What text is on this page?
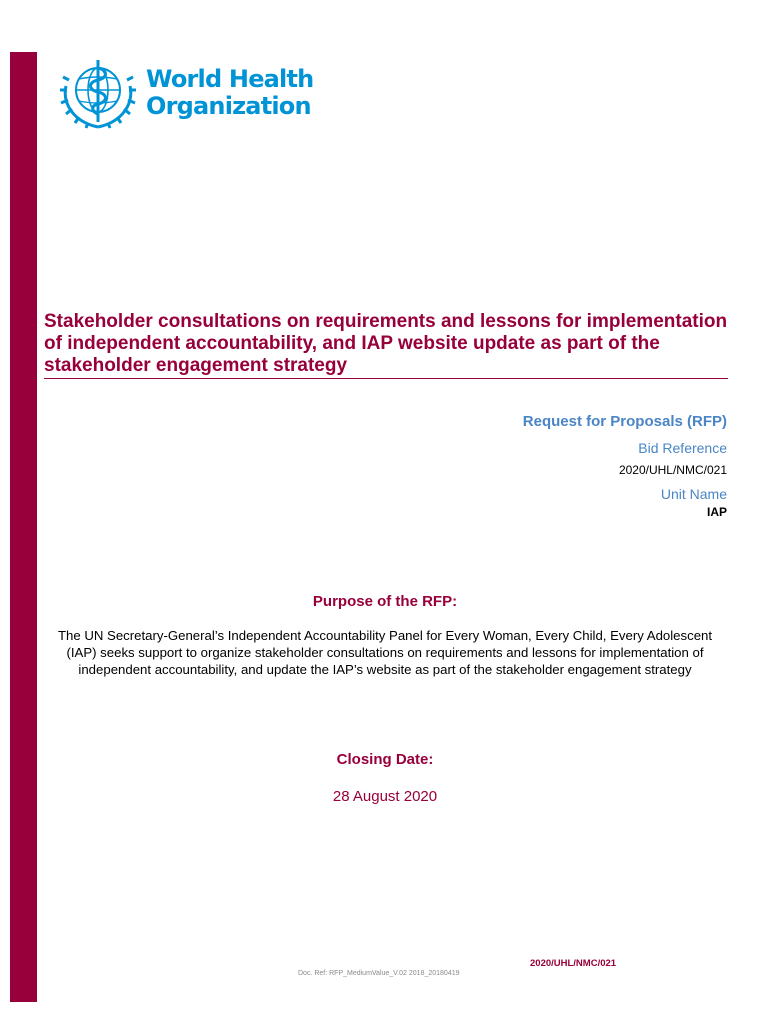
World Health
Organization
Stakeholder consultations on requirements and lessons for implementation of independent accountability, and IAP website update as part of the stakeholder engagement strategy
Request for Proposals (RFP)
Bid Reference
2020/UHL/NMC/021
Unit Name
IAP
Purpose of the RFP:
The UN Secretary-General’s Independent Accountability Panel for Every Woman, Every Child, Every Adolescent (IAP) seeks support to organize stakeholder consultations on requirements and lessons for implementation of independent accountability, and update the IAP’s website as part of the stakeholder engagement strategy
Closing Date:
28 August 2020
2020/UHL/NMC/021
Doc. Ref: RFP_MediumValue_V.02 2018_20180419
